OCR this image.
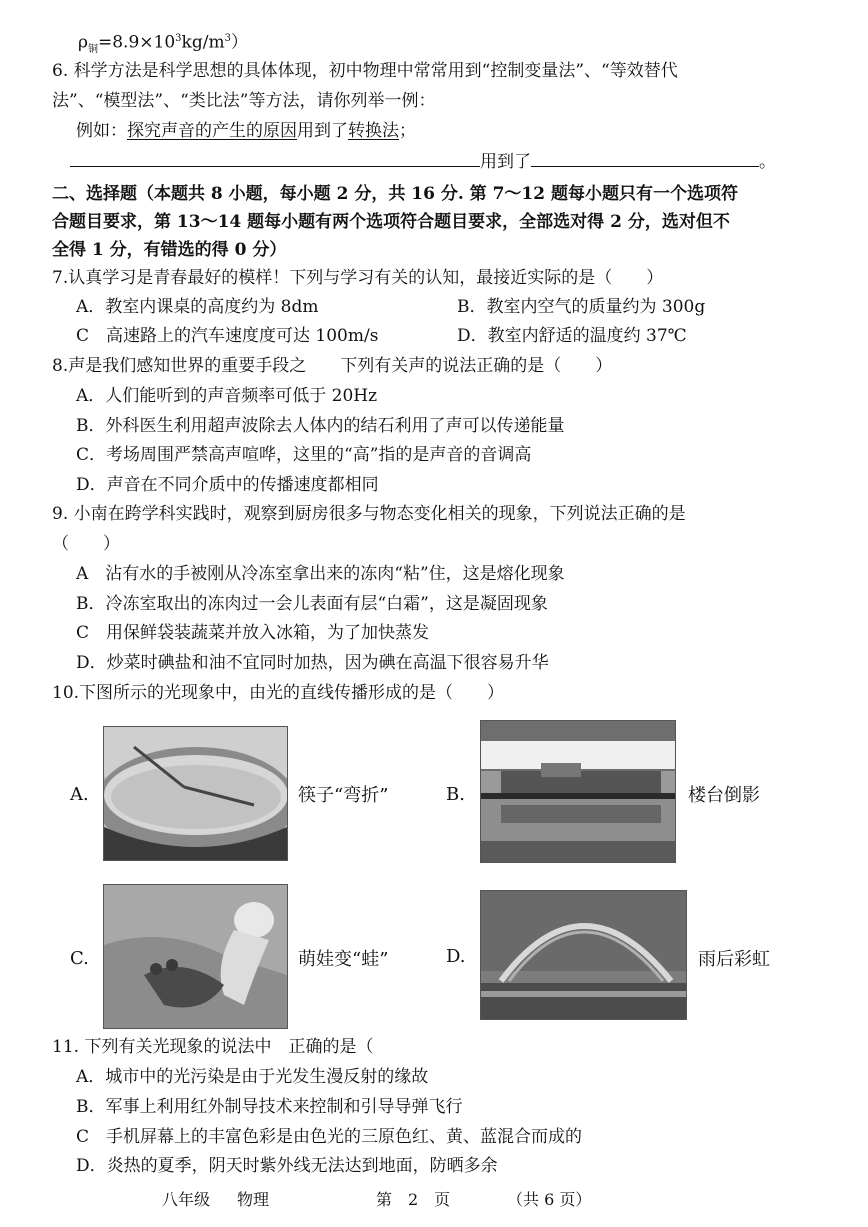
$\rho_铜=8.9\times 10^3kg/m^3$）
6. 科学方法是科学思想的具体体现，初中物理中常常用到“控制变量法”、“等效替代
法”、“模型法”、“类比法”等方法，请你列举一例：
例如：探究声音的产生的原因用到了转换法；
用到了	。
二、选择题（本题共 8 小题，每小题 2 分，共 16 分. 第 7～12 题每小题只有一个选项符
合题目要求，第 13～14 题每小题有两个选项符合题目要求，全部选对得 2 分，选对但不
全得 1 分，有错选的得 0 分）
7.认真学习是青春最好的模样！下列与学习有关的认知，最接近实际的是（　　）
A．教室内课桌的高度约为 8dm	B．教室内空气的质量约为 300g
C　高速路上的汽车速度度可达 100m/s	D．教室内舒适的温度约 37℃
8.声是我们感知世界的重要手段之　　下列有关声的说法正确的是（　　）
A．人们能听到的声音频率可低于 20Hz
B．外科医生利用超声波除去人体内的结石利用了声可以传递能量
C．考场周围严禁高声喧哗，这里的“高”指的是声音的音调高
D．声音在不同介质中的传播速度都相同
9. 小南在跨学科实践时，观察到厨房很多与物态变化相关的现象，下列说法正确的是
（　　）
A　沾有水的手被刚从冷冻室拿出来的冻肉“粘”住，这是熔化现象
B．冷冻室取出的冻肉过一会儿表面有层“白霜”，这是凝固现象
C　用保鲜袋装蔬菜并放入冰箱，为了加快蒸发
D．炒菜时碘盐和油不宜同时加热，因为碘在高温下很容易升华
10.下图所示的光现象中，由光的直线传播形成的是（　　）
A.	筷子“弯折”	B.	楼台倒影
C.	萌娃变“蛙”	D.	雨后彩虹
11. 下列有关光现象的说法中　正确的是（
A．城市中的光污染是由于光发生漫反射的缘故
B．军事上利用红外制导技术来控制和引导导弹飞行
C　手机屏幕上的丰富色彩是由色光的三原色红、黄、蓝混合而成的
D．炎热的夏季，阴天时紫外线无法达到地面，防晒多余
八年级 物理	第　2　页	（共 6 页）
